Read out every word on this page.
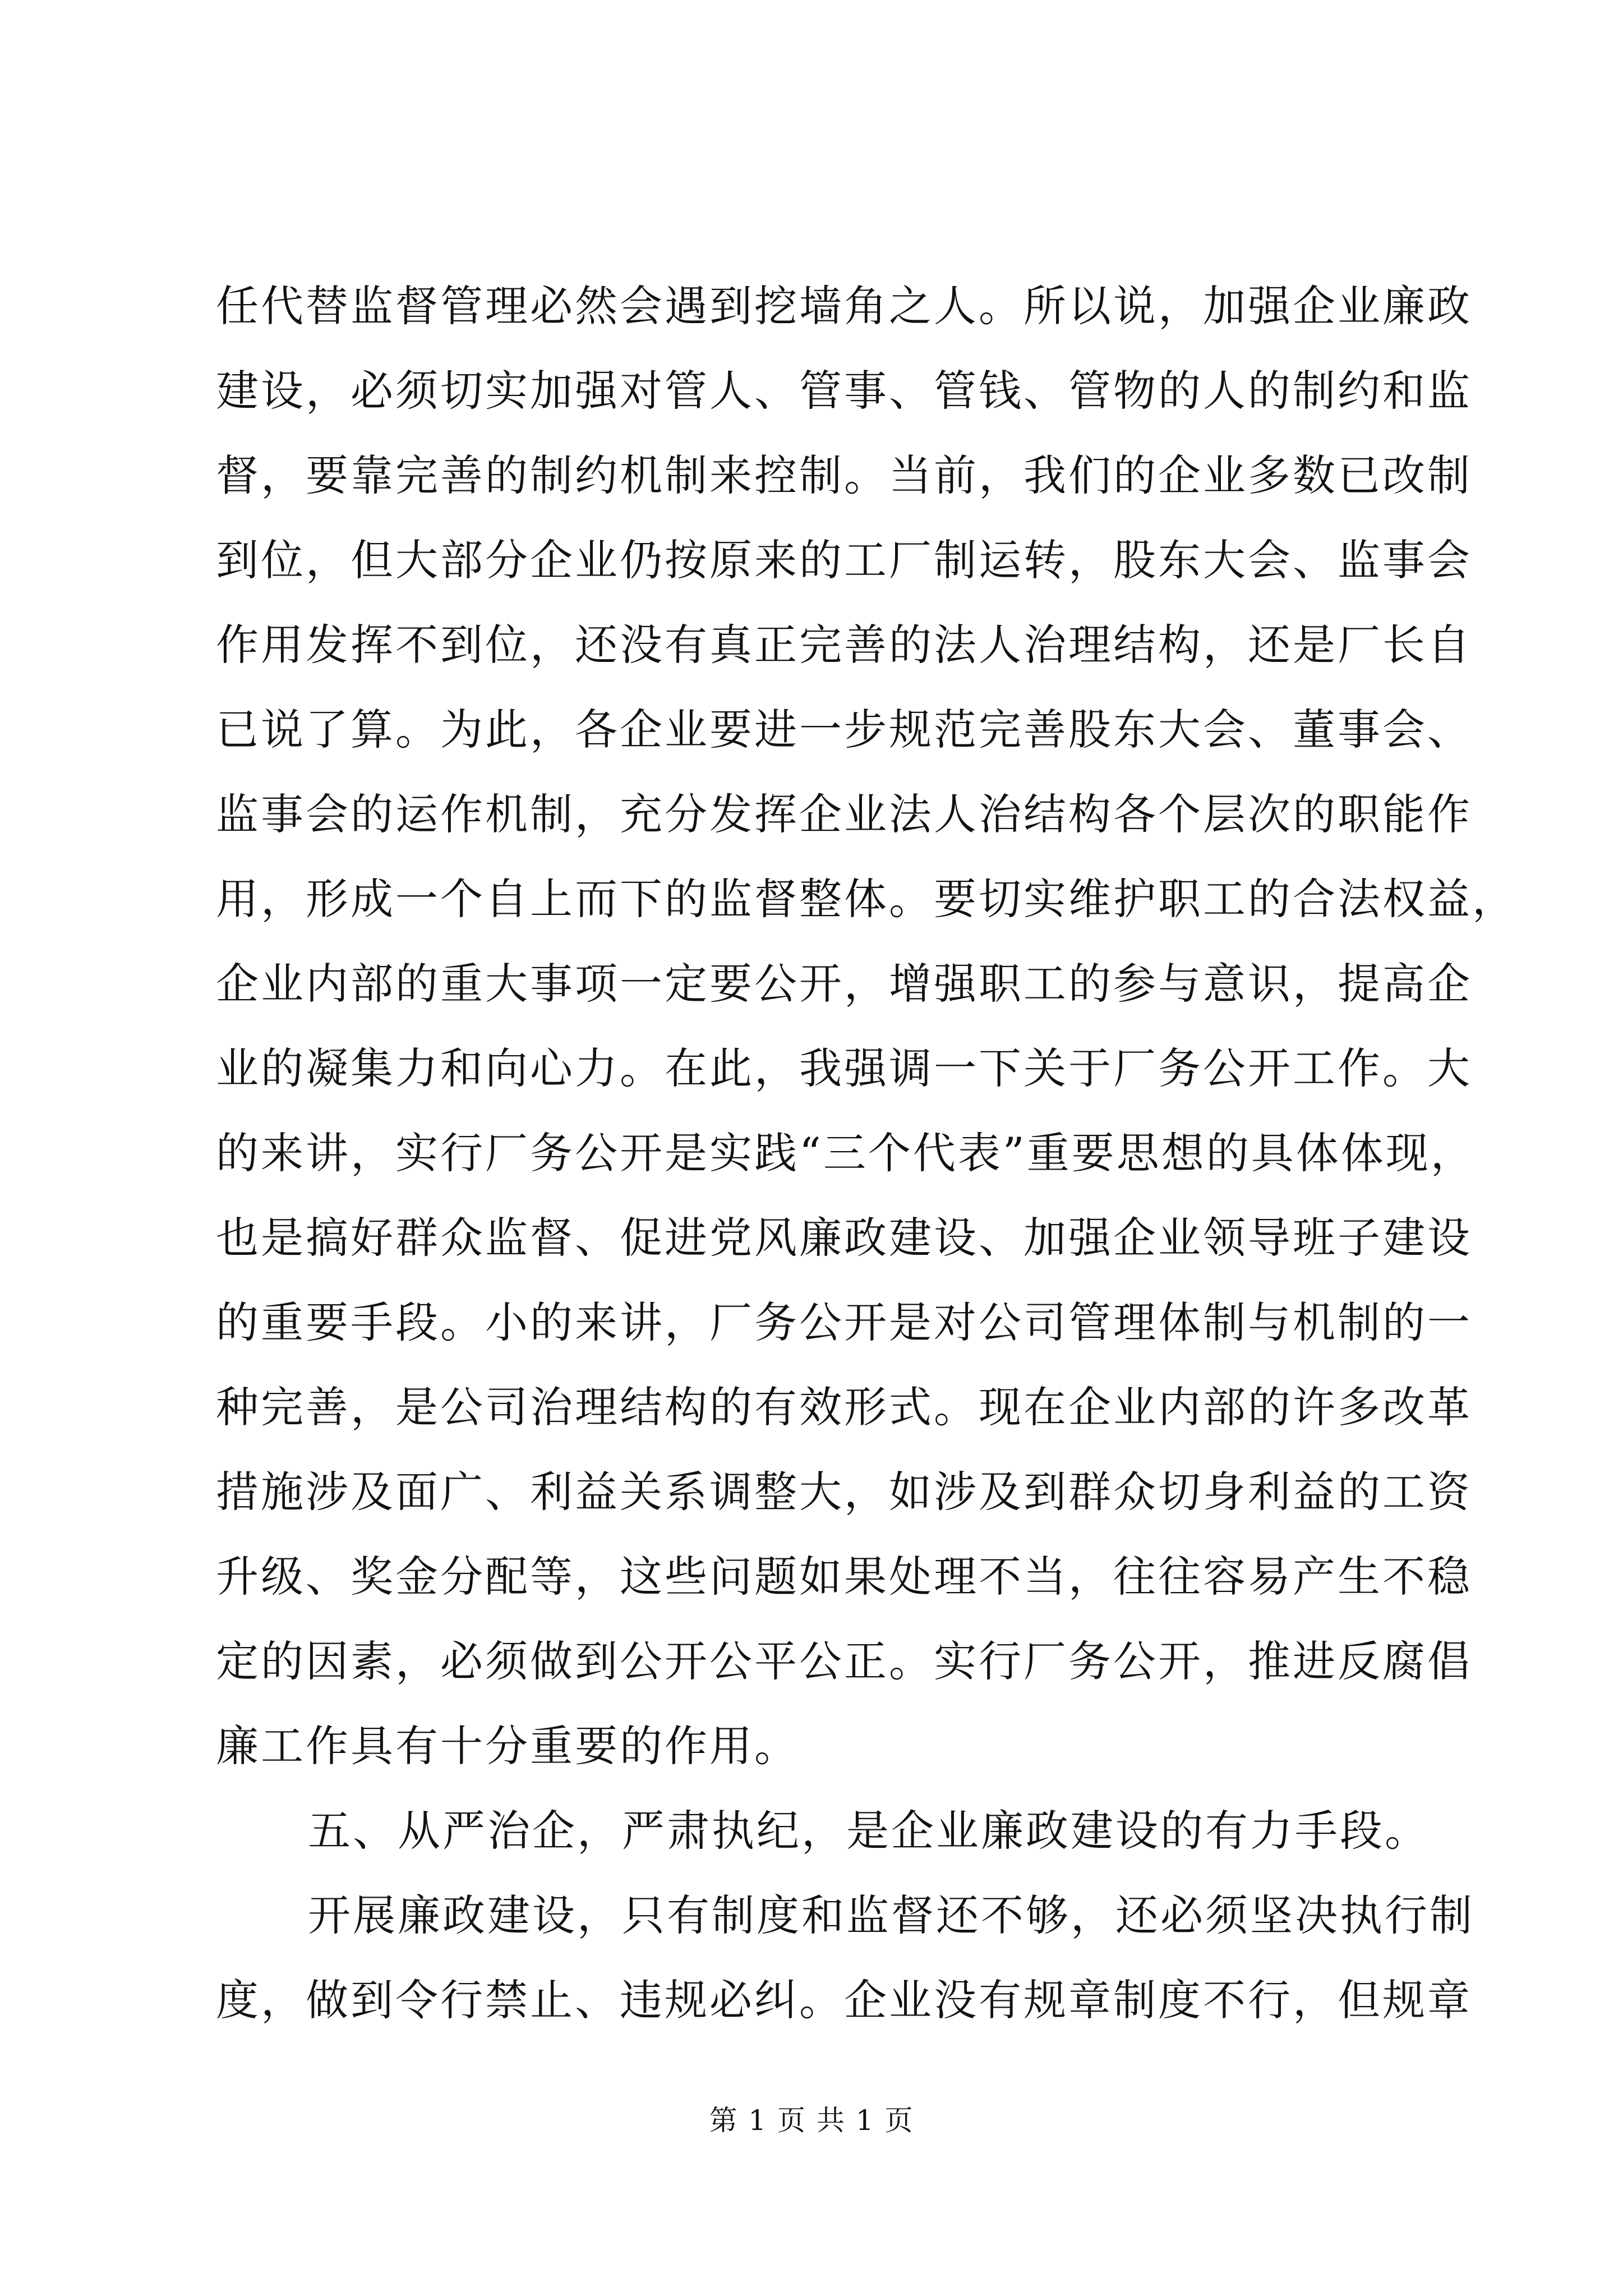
任代替监督管理必然会遇到挖墙角之人。所以说，加强企业廉政
建设，必须切实加强对管人、管事、管钱、管物的人的制约和监
督，要靠完善的制约机制来控制。当前，我们的企业多数已改制
到位，但大部分企业仍按原来的工厂制运转，股东大会、监事会
作用发挥不到位，还没有真正完善的法人治理结构，还是厂长自
已说了算。为此，各企业要进一步规范完善股东大会、董事会、
监事会的运作机制，充分发挥企业法人治结构各个层次的职能作
用，形成一个自上而下的监督整体。要切实维护职工的合法权益，
企业内部的重大事项一定要公开，增强职工的参与意识，提高企
业的凝集力和向心力。在此，我强调一下关于厂务公开工作。大
的来讲，实行厂务公开是实践“三个代表”重要思想的具体体现，
也是搞好群众监督、促进党风廉政建设、加强企业领导班子建设
的重要手段。小的来讲，厂务公开是对公司管理体制与机制的一
种完善，是公司治理结构的有效形式。现在企业内部的许多改革
措施涉及面广、利益关系调整大，如涉及到群众切身利益的工资
升级、奖金分配等，这些问题如果处理不当，往往容易产生不稳
定的因素，必须做到公开公平公正。实行厂务公开，推进反腐倡
廉工作具有十分重要的作用。
五、从严治企，严肃执纪，是企业廉政建设的有力手段。
开展廉政建设，只有制度和监督还不够，还必须坚决执行制
度，做到令行禁止、违规必纠。企业没有规章制度不行，但规章
第 1 页 共 1 页
